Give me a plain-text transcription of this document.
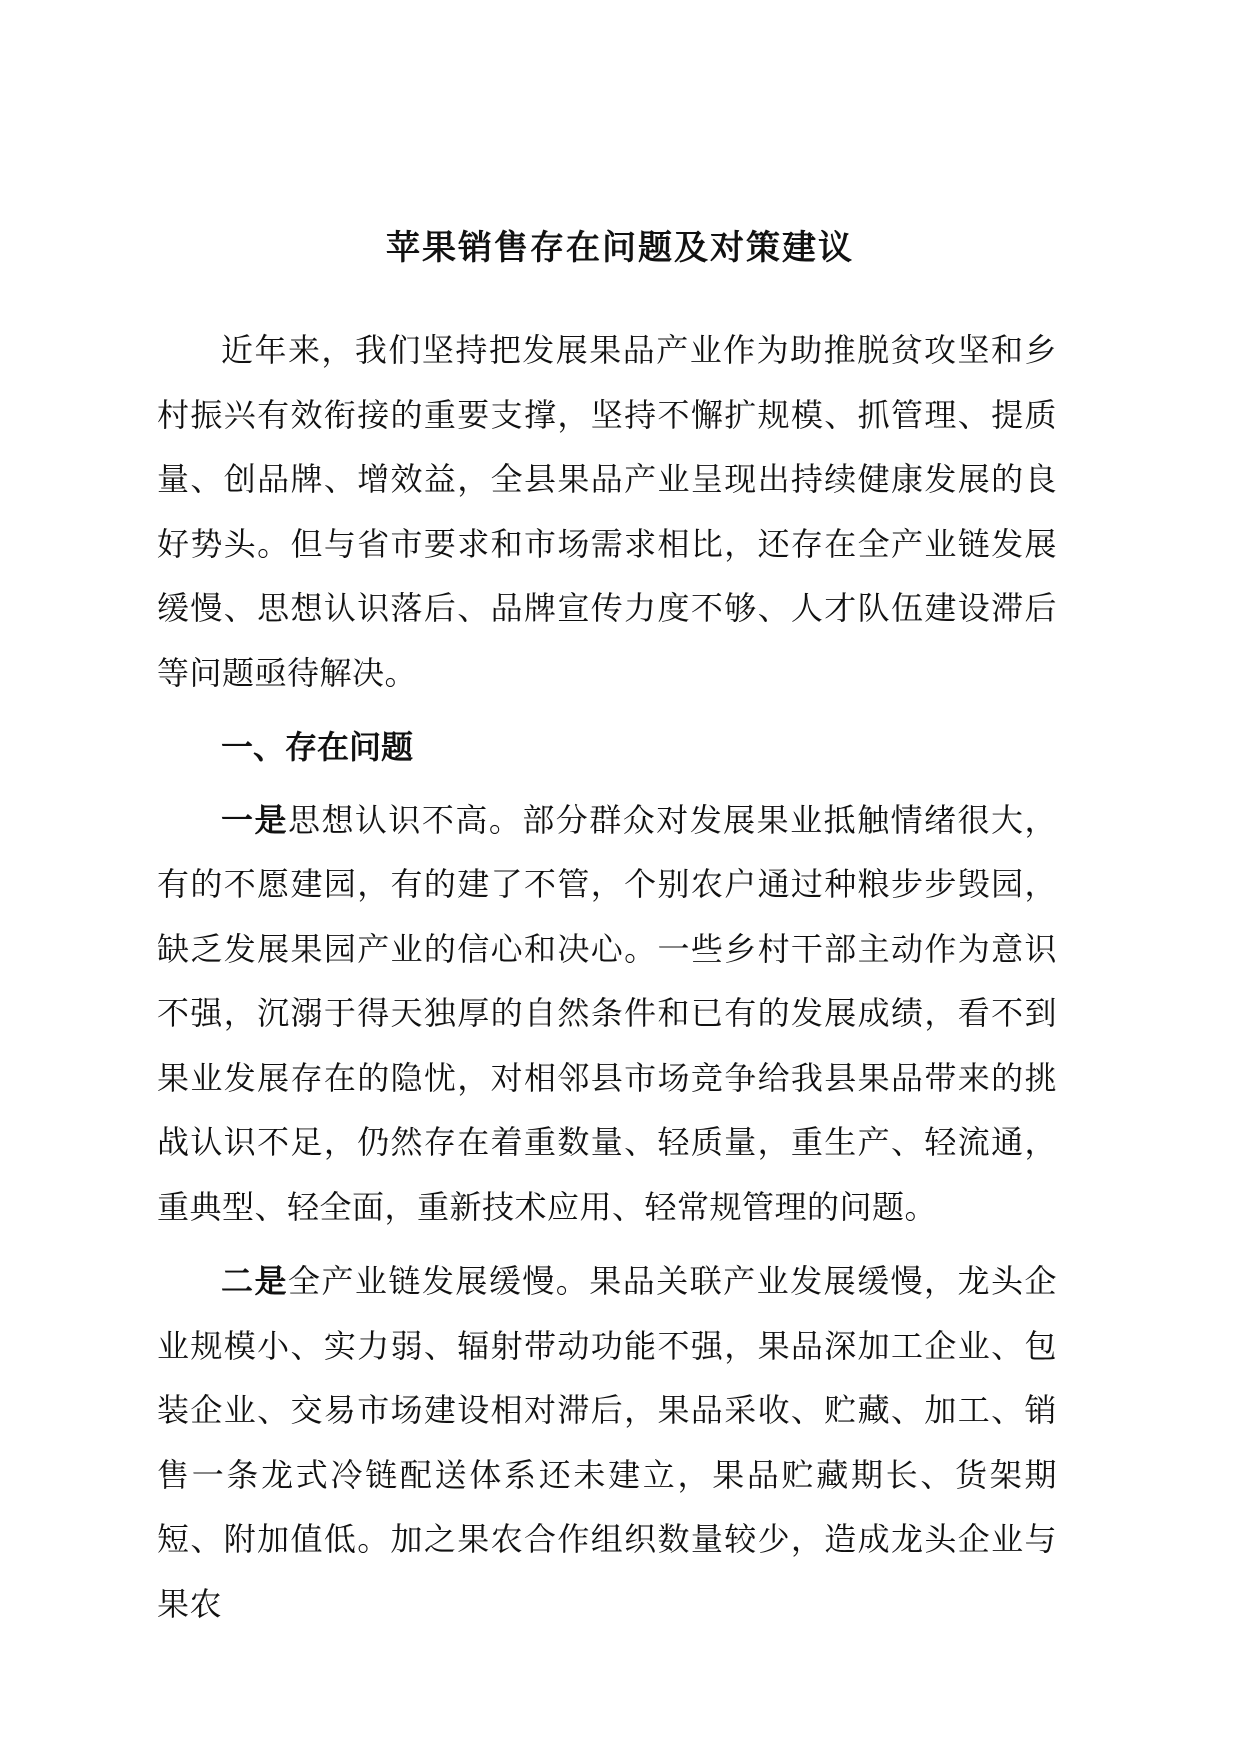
苹果销售存在问题及对策建议

近年来，我们坚持把发展果品产业作为助推脱贫攻坚和乡村振兴有效衔接的重要支撑，坚持不懈扩规模、抓管理、提质量、创品牌、增效益，全县果品产业呈现出持续健康发展的良好势头。但与省市要求和市场需求相比，还存在全产业链发展缓慢、思想认识落后、品牌宣传力度不够、人才队伍建设滞后等问题亟待解决。

一、存在问题

一是思想认识不高。部分群众对发展果业抵触情绪很大，有的不愿建园，有的建了不管，个别农户通过种粮步步毁园，缺乏发展果园产业的信心和决心。一些乡村干部主动作为意识不强，沉溺于得天独厚的自然条件和已有的发展成绩，看不到果业发展存在的隐忧，对相邻县市场竞争给我县果品带来的挑战认识不足，仍然存在着重数量、轻质量，重生产、轻流通，重典型、轻全面，重新技术应用、轻常规管理的问题。

二是全产业链发展缓慢。果品关联产业发展缓慢，龙头企业规模小、实力弱、辐射带动功能不强，果品深加工企业、包装企业、交易市场建设相对滞后，果品采收、贮藏、加工、销售一条龙式冷链配送体系还未建立，果品贮藏期长、货架期短、附加值低。加之果农合作组织数量较少，造成龙头企业与果农
